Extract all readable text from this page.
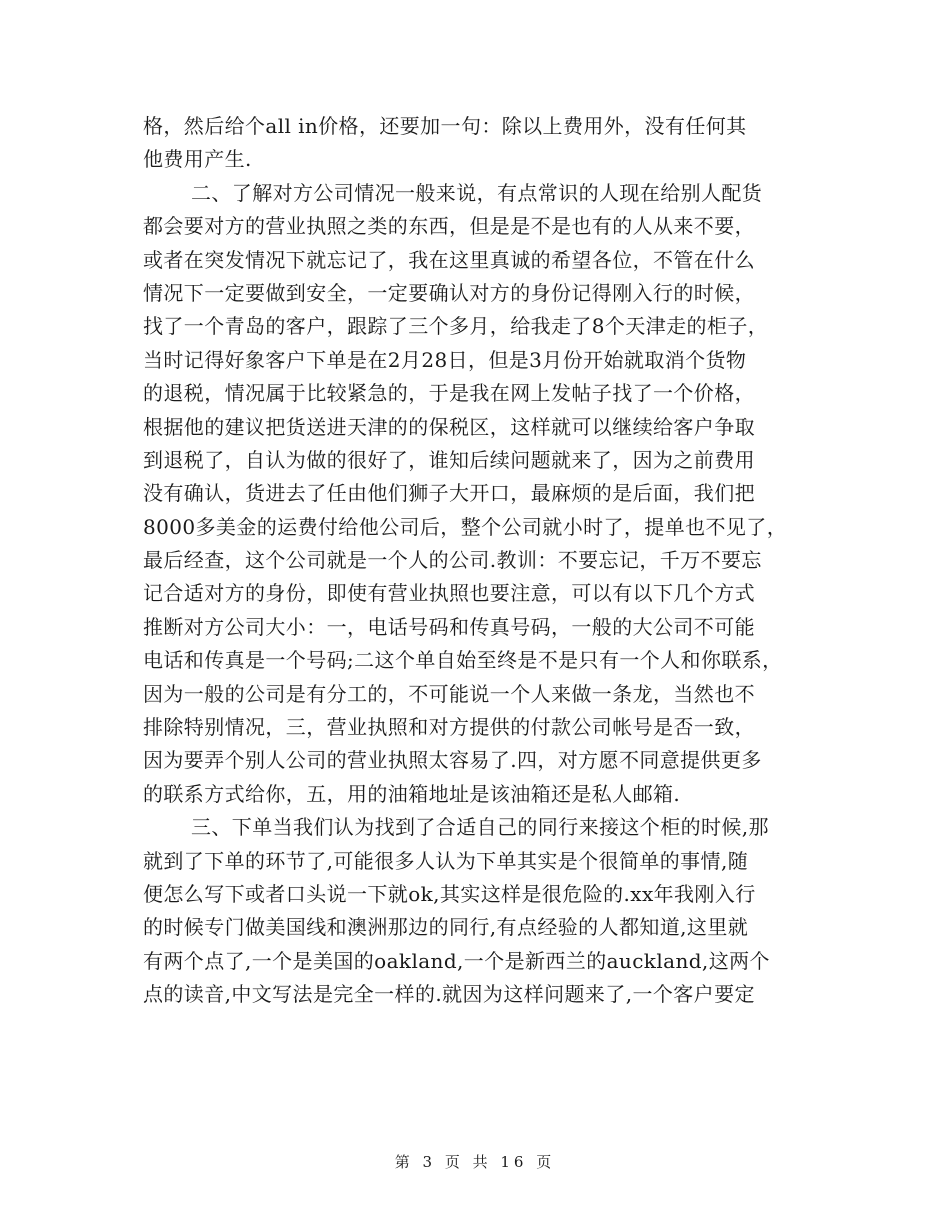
格，然后给个all in价格，还要加一句：除以上费用外，没有任何其
他费用产生.
二、了解对方公司情况一般来说，有点常识的人现在给别人配货
都会要对方的营业执照之类的东西，但是是不是也有的人从来不要，
或者在突发情况下就忘记了，我在这里真诚的希望各位，不管在什么
情况下一定要做到安全，一定要确认对方的身份记得刚入行的时候，
找了一个青岛的客户，跟踪了三个多月，给我走了8个天津走的柜子，
当时记得好象客户下单是在2月28日，但是3月份开始就取消个货物
的退税，情况属于比较紧急的，于是我在网上发帖子找了一个价格，
根据他的建议把货送进天津的的保税区，这样就可以继续给客户争取
到退税了，自认为做的很好了，谁知后续问题就来了，因为之前费用
没有确认，货进去了任由他们狮子大开口，最麻烦的是后面，我们把
8000多美金的运费付给他公司后，整个公司就小时了，提单也不见了，
最后经查，这个公司就是一个人的公司.教训：不要忘记，千万不要忘
记合适对方的身份，即使有营业执照也要注意，可以有以下几个方式
推断对方公司大小：一，电话号码和传真号码，一般的大公司不可能
电话和传真是一个号码;二这个单自始至终是不是只有一个人和你联系，
因为一般的公司是有分工的，不可能说一个人来做一条龙，当然也不
排除特别情况，三，营业执照和对方提供的付款公司帐号是否一致，
因为要弄个别人公司的营业执照太容易了.四，对方愿不同意提供更多
的联系方式给你，五，用的油箱地址是该油箱还是私人邮箱.
三、下单当我们认为找到了合适自己的同行来接这个柜的时候,那
就到了下单的环节了,可能很多人认为下单其实是个很简单的事情,随
便怎么写下或者口头说一下就ok,其实这样是很危险的.xx年我刚入行
的时候专门做美国线和澳洲那边的同行,有点经验的人都知道,这里就
有两个点了,一个是美国的oakland,一个是新西兰的auckland,这两个
点的读音,中文写法是完全一样的.就因为这样问题来了,一个客户要定
第 3 页 共 16 页
